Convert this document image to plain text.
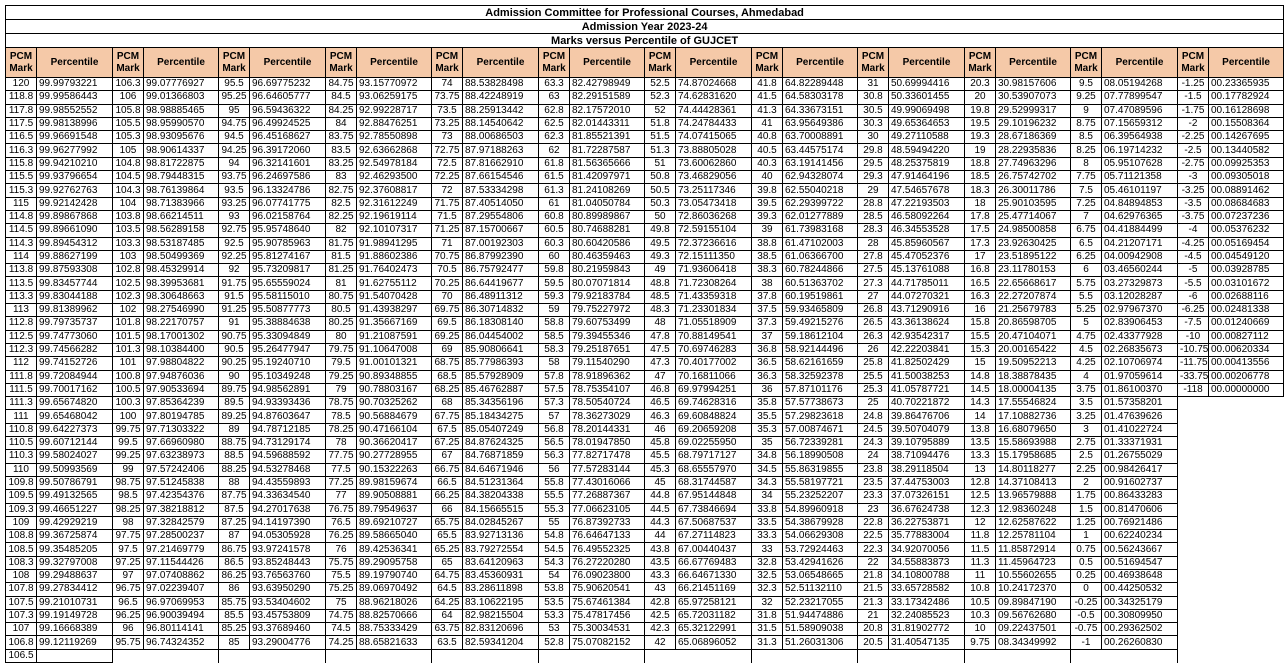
Admission Committee for Professional Courses, Ahmedabad																							
Admission Year 2023-24																							
Marks versus Percentile of GUJCET																							
PCM Mark	Percentile	PCM Mark	Percentile	PCM Mark	Percentile	PCM Mark	Percentile	PCM Mark	Percentile	PCM Mark	Percentile	PCM Mark	Percentile	PCM Mark	Percentile	PCM Mark	Percentile	PCM Mark	Percentile	PCM Mark	Percentile	PCM Mark	Percentile
120	99.99793221	106.3	99.07776927	95.5	96.69775232	84.75	93.15770972	74	88.53828498	63.3	82.42798949	52.5	74.87024668	41.8	64.82289448	31	50.69994416	20.3	30.98157606	9.5	08.05194268	-1.25	00.23365935
118.8	99.99586443	106	99.01366803	95.25	96.64605777	84.5	93.06259175	73.75	88.42248919	63	82.29151589	52.3	74.62831620	41.5	64.58303178	30.8	50.33601455	20	30.53907073	9.25	07.77899547	-1.5	00.17782924
117.8	99.98552552	105.8	98.98885465	95	96.59436322	84.25	92.99228717	73.5	88.25913442	62.8	82.17572010	52	74.44428361	41.3	64.33673151	30.5	49.99069498	19.8	29.52999317	9	07.47089596	-1.75	00.16128698
117.5	99.98138996	105.5	98.95990570	94.75	96.49924525	84	92.88476251	73.25	88.14540642	62.5	82.01443311	51.8	74.24784433	41	63.95649386	30.3	49.65364653	19.5	29.10196232	8.75	07.15659312	-2	00.15508364
116.5	99.96691548	105.3	98.93095676	94.5	96.45168627	83.75	92.78550898	73	88.00686503	62.3	81.85521391	51.5	74.07415065	40.8	63.70008891	30	49.27110588	19.3	28.67186369	8.5	06.39564938	-2.25	00.14267695
116.3	99.96277992	105	98.90614337	94.25	96.39172060	83.5	92.63662868	72.75	87.97188263	62	81.72287587	51.3	73.88805028	40.5	63.44575174	29.8	48.59494220	19	28.22935836	8.25	06.19714232	-2.5	00.13440582
115.8	99.94210210	104.8	98.81722875	94	96.32141601	83.25	92.54978184	72.5	87.81662910	61.8	81.56365666	51	73.60062860	40.3	63.19141456	29.5	48.25375819	18.8	27.74963296	8	05.95107628	-2.75	00.09925353
115.5	99.93796654	104.5	98.79448315	93.75	96.24697586	83	92.46293500	72.25	87.66154546	61.5	81.42097971	50.8	73.46829056	40	62.94328074	29.3	47.91464196	18.5	26.75742702	7.75	05.71121358	-3	00.09305018
115.3	99.92762763	104.3	98.76139864	93.5	96.13324786	82.75	92.37608817	72	87.53334298	61.3	81.24108269	50.5	73.25117346	39.8	62.55040218	29	47.54657678	18.3	26.30011786	7.5	05.46101197	-3.25	00.08891462
115	99.92142428	104	98.71383966	93.25	96.07741775	82.5	92.31612249	71.75	87.40514050	61	81.04050784	50.3	73.05473418	39.5	62.29399722	28.8	47.22193503	18	25.90103595	7.25	04.84894853	-3.5	00.08684683
114.8	99.89867868	103.8	98.66214511	93	96.02158764	82.25	92.19619114	71.5	87.29554806	60.8	80.89989867	50	72.86036268	39.3	62.01277889	28.5	46.58092264	17.8	25.47714067	7	04.62976365	-3.75	00.07237236
114.5	99.89661090	103.5	98.56289158	92.75	95.95748640	82	92.10107317	71.25	87.15700667	60.5	80.74688281	49.8	72.59155104	39	61.73983168	28.3	46.34553528	17.5	24.98500858	6.75	04.41884499	-4	00.05376232
114.3	99.89454312	103.3	98.53187485	92.5	95.90785963	81.75	91.98941295	71	87.00192303	60.3	80.60420586	49.5	72.37236616	38.8	61.47102003	28	45.85960567	17.3	23.92630425	6.5	04.21207171	-4.25	00.05169454
114	99.88627199	103	98.50499369	92.25	95.81274167	81.5	91.88602386	70.75	86.87992390	60	80.46359463	49.3	72.15111350	38.5	61.06366700	27.8	45.47052376	17	23.51895122	6.25	04.00942908	-4.5	00.04549120
113.8	99.87593308	102.8	98.45329914	92	95.73209817	81.25	91.76402473	70.5	86.75792477	59.8	80.21959843	49	71.93606418	38.3	60.78244866	27.5	45.13761088	16.8	23.11780153	6	03.46560244	-5	00.03928785
113.5	99.83457744	102.5	98.39953681	91.75	95.65559024	81	91.62755112	70.25	86.64419677	59.5	80.07071814	48.8	71.72308264	38	60.51363702	27.3	44.71785011	16.5	22.65668617	5.75	03.27329873	-5.5	00.03101672
113.3	99.83044188	102.3	98.30648663	91.5	95.58115010	80.75	91.54070428	70	86.48911312	59.3	79.92183784	48.5	71.43359318	37.8	60.19519861	27	44.07270321	16.3	22.27207874	5.5	03.12028287	-6	00.02688116
113	99.81389962	102	98.27546990	91.25	95.50877773	80.5	91.43938297	69.75	86.30714832	59	79.75227972	48.3	71.23301834	37.5	59.93465809	26.8	43.71290916	16	21.25679783	5.25	02.97967370	-6.25	00.02481338
112.8	99.79735737	101.8	98.22170757	91	95.38884638	80.25	91.35667169	69.5	86.18308140	58.8	79.60753499	48	71.05518909	37.3	59.49215276	26.5	43.36138624	15.8	20.86598705	5	02.83906453	-7.5	00.01240669
112.5	99.74773060	101.5	98.17001302	90.75	95.33094849	80	91.21087591	69.25	86.04454002	58.5	79.39455346	47.8	70.88149541	37	59.18612104	26.3	42.93542317	15.5	20.47104071	4.75	02.43377928	-10	00.00827112
112.3	99.74566282	101.3	98.10384400	90.5	95.26477947	79.75	91.10647008	69	85.90806641	58.3	79.25187651	47.5	70.69746283	36.8	58.92144496	26	42.22203841	15.3	20.00165422	4.5	02.26835673	-10.75	00.00620334
112	99.74152726	101	97.98804822	90.25	95.19240710	79.5	91.00101321	68.75	85.77986393	58	79.11540290	47.3	70.40177002	36.5	58.62161659	25.8	41.82502429	15	19.50952213	4.25	02.10706974	-11.75	00.00413556
111.8	99.72084944	100.8	97.94876036	90	95.10349248	79.25	90.89348855	68.5	85.57928909	57.8	78.91896362	47	70.16811066	36.3	58.32592378	25.5	41.50038253	14.8	18.38878435	4	01.97059614	-33.75	00.00206778
111.5	99.70017162	100.5	97.90533694	89.75	94.98562891	79	90.78803167	68.25	85.46762887	57.5	78.75354107	46.8	69.97994251	36	57.87101176	25.3	41.05787721	14.5	18.00004135	3.75	01.86100370	-118	00.00000000
111.3	99.65674820	100.3	97.85364239	89.5	94.93393436	78.75	90.70325262	68	85.34356196	57.3	78.50540724	46.5	69.74628316	35.8	57.57738673	25	40.70221872	14.3	17.55546824	3.5	01.57358201		
111	99.65468042	100	97.80194785	89.25	94.87603647	78.5	90.56884679	67.75	85.18434275	57	78.36273029	46.3	69.60848824	35.5	57.29823618	24.8	39.86476706	14	17.10882736	3.25	01.47639626		
110.8	99.64227373	99.75	97.71303322	89	94.78712185	78.25	90.47166104	67.5	85.05407249	56.8	78.20144331	46	69.20659208	35.3	57.00874671	24.5	39.50704079	13.8	16.68079650	3	01.41022724		
110.5	99.60712144	99.5	97.66960980	88.75	94.73129174	78	90.36620417	67.25	84.87624325	56.5	78.01947850	45.8	69.02255950	35	56.72339281	24.3	39.10795889	13.5	15.58693988	2.75	01.33371931		
110.3	99.58024027	99.25	97.63238973	88.5	94.59688592	77.75	90.27728955	67	84.76871859	56.3	77.82717478	45.5	68.79717127	34.8	56.18990508	24	38.71094476	13.3	15.17958685	2.5	01.26755029		
110	99.50993569	99	97.57242406	88.25	94.53278468	77.5	90.15322263	66.75	84.64671946	56	77.57283144	45.3	68.65557970	34.5	55.86319855	23.8	38.29118504	13	14.80118277	2.25	00.98426417		
109.8	99.50786791	98.75	97.51245838	88	94.43559893	77.25	89.98159674	66.5	84.51231364	55.8	77.43016066	45	68.31744587	34.3	55.58197721	23.5	37.44753003	12.8	14.37108413	2	00.91602737		
109.5	99.49132565	98.5	97.42354376	87.75	94.33634540	77	89.90508881	66.25	84.38204338	55.5	77.26887367	44.8	67.95144848	34	55.23252207	23.3	37.07326151	12.5	13.96579888	1.75	00.86433283		
109.3	99.46651227	98.25	97.38218812	87.5	94.27017638	76.75	89.79549637	66	84.15665515	55.3	77.06623105	44.5	67.73846694	33.8	54.89960918	23	36.67624738	12.3	12.98360248	1.5	00.81470606		
109	99.42929219	98	97.32842579	87.25	94.14197390	76.5	89.69210727	65.75	84.02845267	55	76.87392733	44.3	67.50687537	33.5	54.38679928	22.8	36.22753871	12	12.62587622	1.25	00.76921486		
108.8	99.36725874	97.75	97.28500237	87	94.05305928	76.25	89.58665040	65.5	83.92713136	54.8	76.64647133	44	67.27114823	33.3	54.06629308	22.5	35.77883004	11.8	12.25781104	1	00.62240234		
108.5	99.35485205	97.5	97.21469779	86.75	93.97241578	76	89.42536341	65.25	83.79272554	54.5	76.49552325	43.8	67.00440437	33	53.72924463	22.3	34.92070056	11.5	11.85872914	0.75	00.56243667		
108.3	99.32797008	97.25	97.11544426	86.5	93.85248443	75.75	89.29095758	65	83.64120963	54.3	76.27220280	43.5	66.67769483	32.8	53.42941626	22	34.55883873	11.3	11.45964723	0.5	00.51694547		
108	99.29488637	97	97.07408862	86.25	93.76563760	75.5	89.19790740	64.75	83.45360931	54	76.09023800	43.3	66.64671330	32.5	53.06548665	21.8	34.10800788	11	10.55602655	0.25	00.46938648		
107.8	99.27834412	96.75	97.02239407	86	93.63950290	75.25	89.06970492	64.5	83.28611898	53.8	75.90620541	43	66.21451169	32.3	52.51132110	21.5	33.65728582	10.8	10.24172370	0	00.44250532		
107.5	99.21010731	96.5	96.97069953	85.75	93.53404602	75	88.96218026	64.25	83.10622195	53.5	75.67461384	42.8	65.97258121	32	52.23217055	21.3	33.17342486	10.5	09.89847190	-0.25	00.34325179		
107.3	99.19149728	96.25	96.90039494	85.5	93.45753809	74.75	88.82570666	64	82.98215504	53.3	75.47817456	42.5	65.72031182	31.8	51.94474886	21	32.24085523	10.3	09.56762680	-0.5	00.30809950		
107	99.16668389	96	96.80114141	85.25	93.37689460	74.5	88.75333429	63.75	82.83120696	53	75.30034531	42.3	65.32122991	31.5	51.58909038	20.8	31.81902772	10	09.22437501	-0.75	00.29362502		
106.8	99.12119269	95.75	96.74324352	85	93.29004776	74.25	88.65821633	63.5	82.59341204	52.8	75.07082152	42	65.06896052	31.3	51.26031306	20.5	31.40547135	9.75	08.34349992	-1	00.26260830		
106.5																							
